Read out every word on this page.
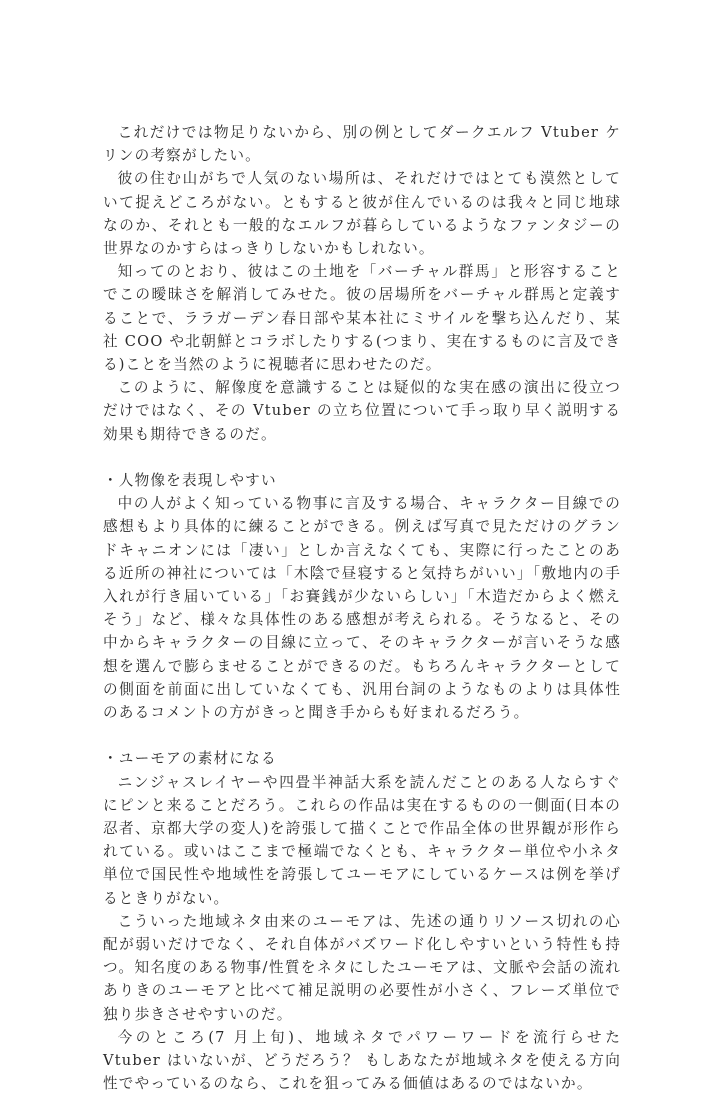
これだけでは物足りないから、別の例としてダークエルフ Vtuber ケリンの考察がしたい。

彼の住む山がちで人気のない場所は、それだけではとても漠然としていて捉えどころがない。ともすると彼が住んでいるのは我々と同じ地球なのか、それとも一般的なエルフが暮らしているようなファンタジーの世界なのかすらはっきりしないかもしれない。

知ってのとおり、彼はこの土地を「バーチャル群馬」と形容することでこの曖昧さを解消してみせた。彼の居場所をバーチャル群馬と定義することで、ララガーデン春日部や某本社にミサイルを撃ち込んだり、某社 COO や北朝鮮とコラボしたりする(つまり、実在するものに言及できる)ことを当然のように視聴者に思わせたのだ。

このように、解像度を意識することは疑似的な実在感の演出に役立つだけではなく、その Vtuber の立ち位置について手っ取り早く説明する効果も期待できるのだ。

・人物像を表現しやすい

中の人がよく知っている物事に言及する場合、キャラクター目線での感想もより具体的に練ることができる。例えば写真で見ただけのグランドキャニオンには「凄い」としか言えなくても、実際に行ったことのある近所の神社については「木陰で昼寝すると気持ちがいい」「敷地内の手入れが行き届いている」「お賽銭が少ないらしい」「木造だからよく燃えそう」など、様々な具体性のある感想が考えられる。そうなると、その中からキャラクターの目線に立って、そのキャラクターが言いそうな感想を選んで膨らませることができるのだ。もちろんキャラクターとしての側面を前面に出していなくても、汎用台詞のようなものよりは具体性のあるコメントの方がきっと聞き手からも好まれるだろう。

・ユーモアの素材になる

ニンジャスレイヤーや四畳半神話大系を読んだことのある人ならすぐにピンと来ることだろう。これらの作品は実在するものの一側面(日本の忍者、京都大学の変人)を誇張して描くことで作品全体の世界観が形作られている。或いはここまで極端でなくとも、キャラクター単位や小ネタ単位で国民性や地域性を誇張してユーモアにしているケースは例を挙げるときりがない。

こういった地域ネタ由来のユーモアは、先述の通りリソース切れの心配が弱いだけでなく、それ自体がバズワード化しやすいという特性も持つ。知名度のある物事/性質をネタにしたユーモアは、文脈や会話の流れありきのユーモアと比べて補足説明の必要性が小さく、フレーズ単位で独り歩きさせやすいのだ。

今のところ(7 月上旬)、地域ネタでパワーワードを流行らせた Vtuber はいないが、どうだろう？ もしあなたが地域ネタを使える方向性でやっているのなら、これを狙ってみる価値はあるのではないか。
